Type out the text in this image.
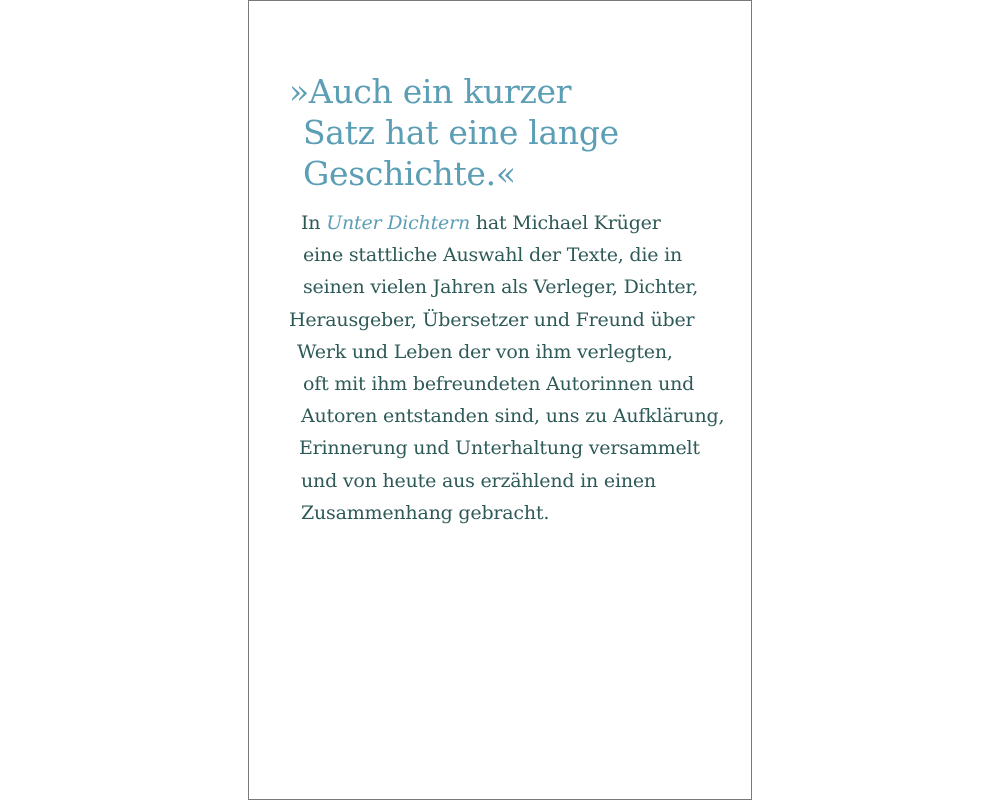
»Auch ein kurzer
Satz hat eine lange
Geschichte.«

In Unter Dichtern hat Michael Krüger
eine stattliche Auswahl der Texte, die in
seinen vielen Jahren als Verleger, Dichter,
Herausgeber, Übersetzer und Freund über
Werk und Leben der von ihm verlegten,
oft mit ihm befreundeten Autorinnen und
Autoren entstanden sind, uns zu Aufklärung,
Erinnerung und Unterhaltung versammelt
und von heute aus erzählend in einen
Zusammenhang gebracht.
